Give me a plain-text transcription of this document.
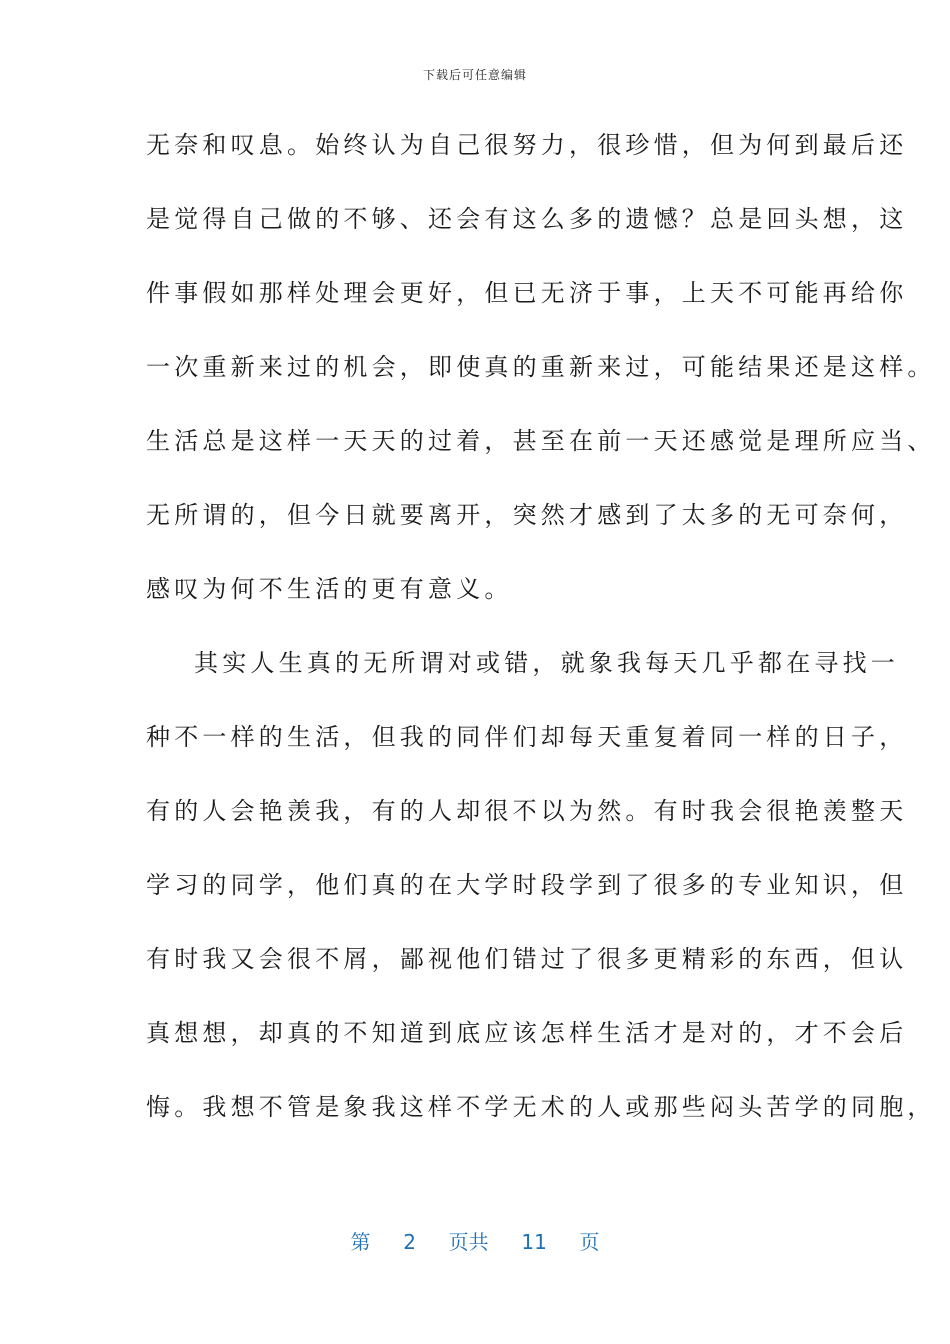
下载后可任意编辑
无奈和叹息。始终认为自己很努力，很珍惜，但为何到最后还
是觉得自己做的不够、还会有这么多的遗憾？总是回头想，这
件事假如那样处理会更好，但已无济于事，上天不可能再给你
一次重新来过的机会，即使真的重新来过，可能结果还是这样。
生活总是这样一天天的过着，甚至在前一天还感觉是理所应当、
无所谓的，但今日就要离开，突然才感到了太多的无可奈何，
感叹为何不生活的更有意义。
其实人生真的无所谓对或错，就象我每天几乎都在寻找一
种不一样的生活，但我的同伴们却每天重复着同一样的日子，
有的人会艳羡我，有的人却很不以为然。有时我会很艳羡整天
学习的同学，他们真的在大学时段学到了很多的专业知识，但
有时我又会很不屑，鄙视他们错过了很多更精彩的东西，但认
真想想，却真的不知道到底应该怎样生活才是对的，才不会后
悔。我想不管是象我这样不学无术的人或那些闷头苦学的同胞，
第 2 页共 11 页
